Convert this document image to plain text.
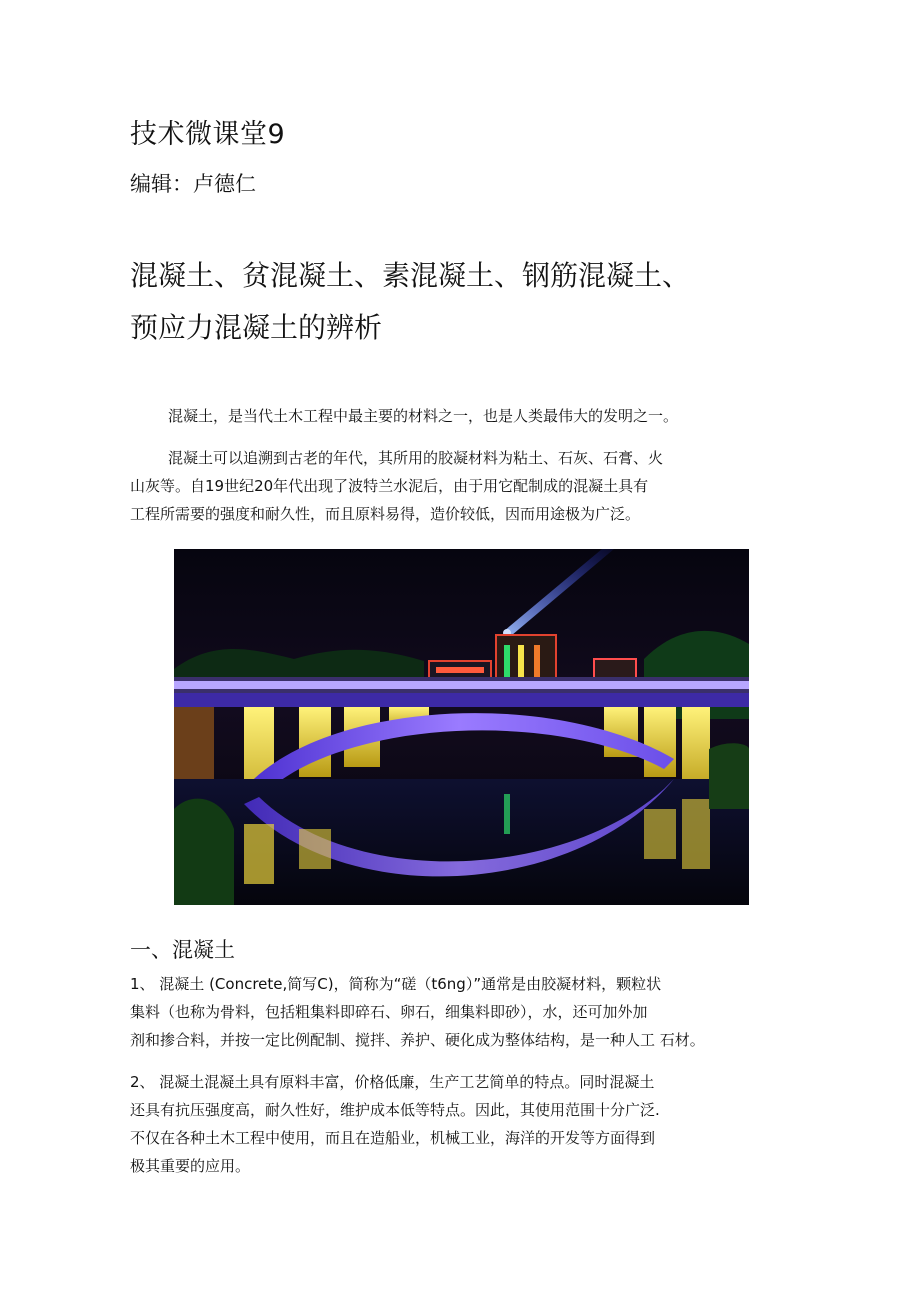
技术微课堂9
编辑：卢德仁
混凝土、贫混凝土、素混凝土、钢筋混凝土、
预应力混凝土的辨析
混凝土，是当代土木工程中最主要的材料之一，也是人类最伟大的发明之一。
混凝土可以追溯到古老的年代，其所用的胶凝材料为粘土、石灰、石膏、火
山灰等。自19世纪20年代出现了波特兰水泥后，由于用它配制成的混凝土具有
工程所需要的强度和耐久性，而且原料易得，造价较低，因而用途极为广泛。
一、混凝土
1、 混凝土 (Concrete,简写C)，简称为“磋（t6ng）”通常是由胶凝材料，颗粒状
集料（也称为骨料，包括粗集料即碎石、卵石，细集料即砂），水，还可加外加
剂和掺合料，并按一定比例配制、搅拌、养护、硬化成为整体结构，是一种人工 石材。
2、 混凝土混凝土具有原料丰富，价格低廉，生产工艺简单的特点。同时混凝土
还具有抗压强度高，耐久性好，维护成本低等特点。因此，其使用范围十分广泛.
不仅在各种土木工程中使用，而且在造船业，机械工业，海洋的开发等方面得到
极其重要的应用。
